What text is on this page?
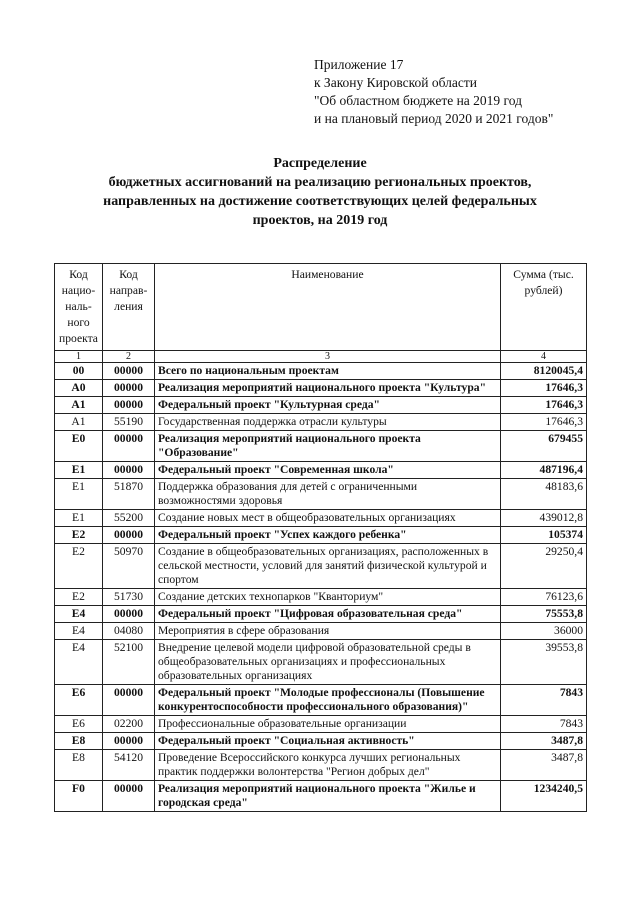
Приложение 17
к Закону Кировской области
"Об областном бюджете на 2019 год
и на плановый период 2020 и 2021 годов"
Распределение
бюджетных ассигнований на реализацию региональных проектов,
направленных на достижение соответствующих целей федеральных
проектов, на 2019 год
Код нацио-наль-ного проекта	Код направ-ления	Наименование	Сумма (тыс. рублей)
1	2	3	4
00	00000	Всего по национальным проектам	8120045,4
А0	00000	Реализация мероприятий национального проекта "Культура"	17646,3
А1	00000	Федеральный проект "Культурная среда"	17646,3
А1	55190	Государственная поддержка отрасли культуры	17646,3
Е0	00000	Реализация мероприятий национального проекта "Образование"	679455
Е1	00000	Федеральный проект "Современная школа"	487196,4
Е1	51870	Поддержка образования для детей с ограниченными возможностями здоровья	48183,6
Е1	55200	Создание новых мест в общеобразовательных организациях	439012,8
Е2	00000	Федеральный проект "Успех каждого ребенка"	105374
Е2	50970	Создание в общеобразовательных организациях, расположенных в сельской местности, условий для занятий физической культурой и спортом	29250,4
Е2	51730	Создание детских технопарков "Кванториум"	76123,6
Е4	00000	Федеральный проект "Цифровая образовательная среда"	75553,8
Е4	04080	Мероприятия в сфере образования	36000
Е4	52100	Внедрение целевой модели цифровой образовательной среды в общеобразовательных организациях и профессиональных образовательных организациях	39553,8
Е6	00000	Федеральный проект "Молодые профессионалы (Повышение конкурентоспособности профессионального образования)"	7843
Е6	02200	Профессиональные образовательные организации	7843
Е8	00000	Федеральный проект "Социальная активность"	3487,8
Е8	54120	Проведение Всероссийского конкурса лучших региональных практик поддержки волонтерства "Регион добрых дел"	3487,8
F0	00000	Реализация мероприятий национального проекта "Жилье и городская среда"	1234240,5
